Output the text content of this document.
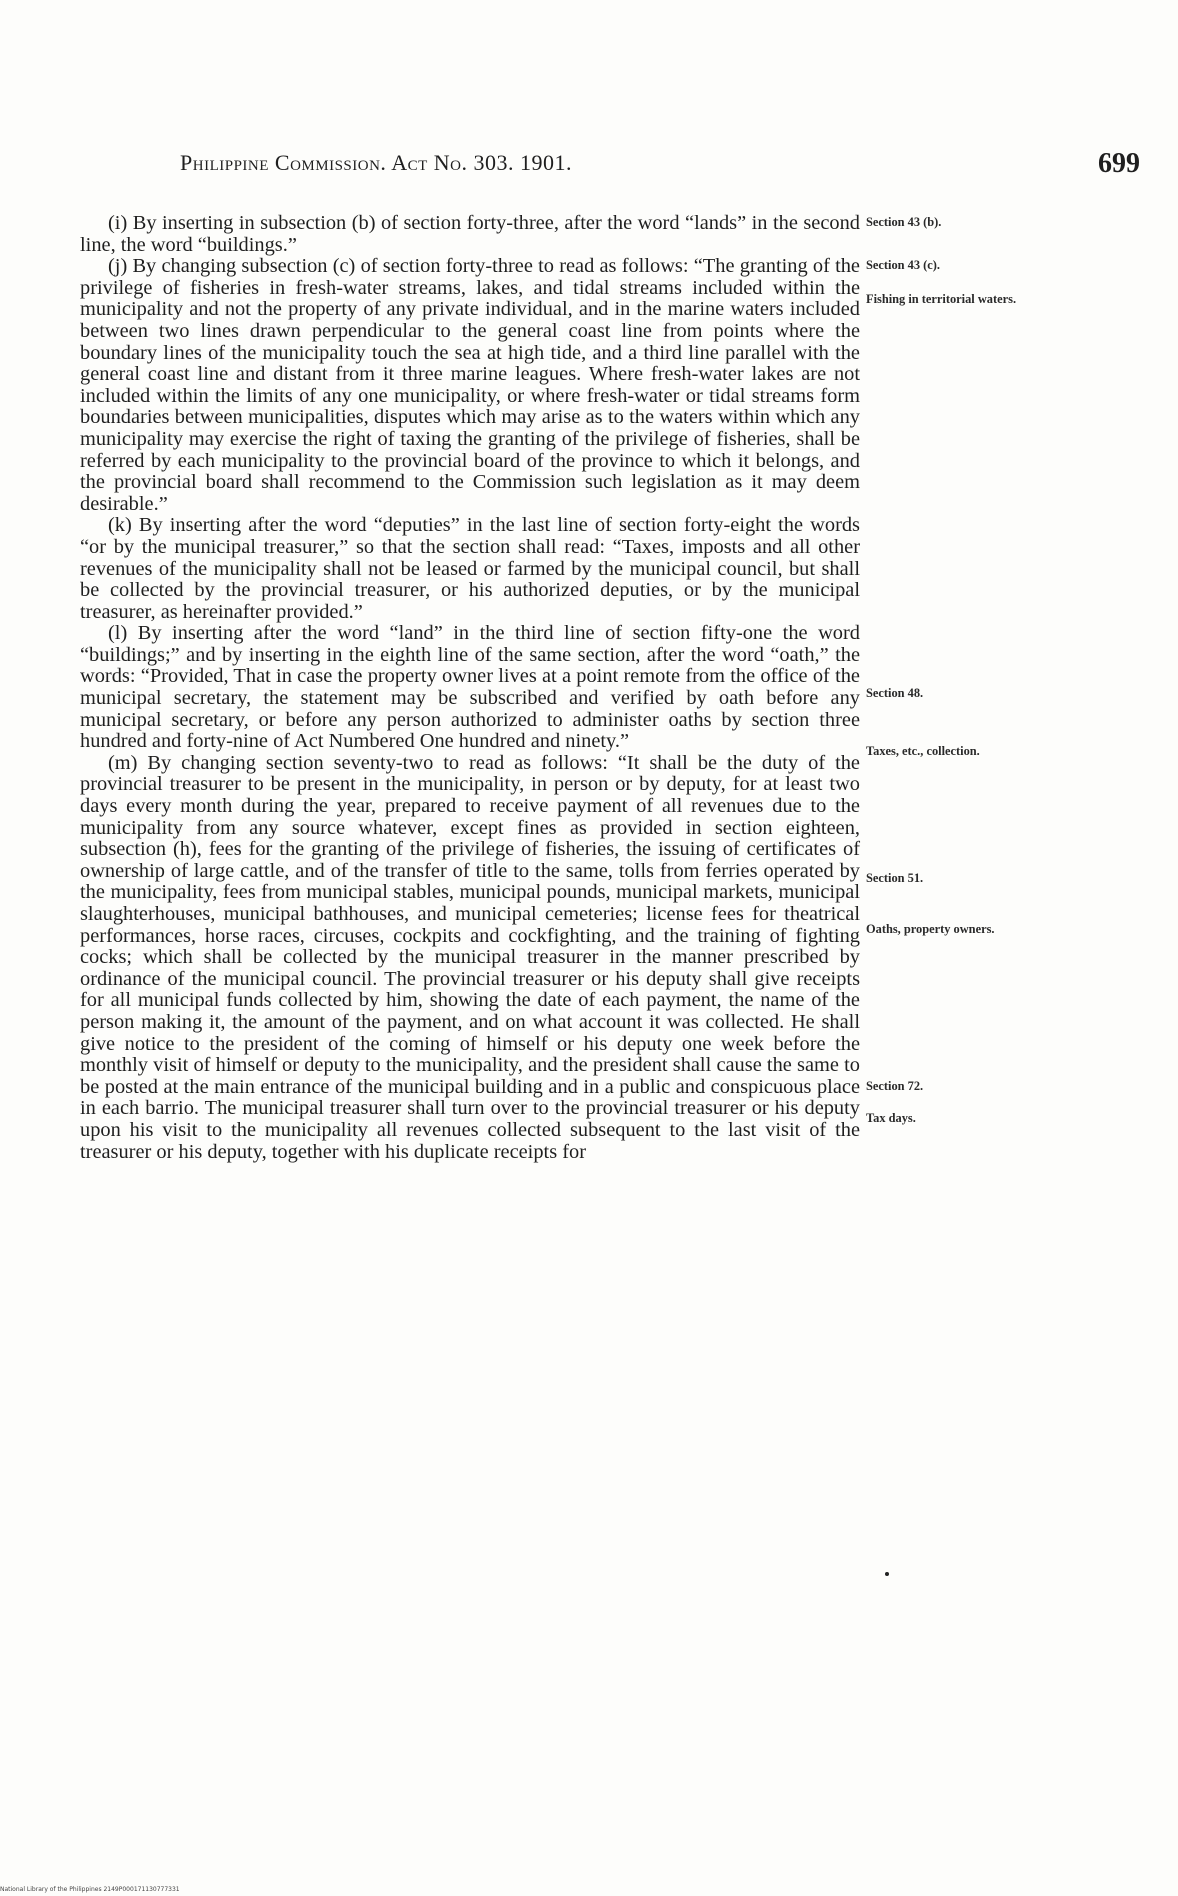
Philippine Commission. Act No. 303. 1901.	699

(i) By inserting in subsection (b) of section forty-three, after the word “lands” in the second line, the word “buildings.”

(j) By changing subsection (c) of section forty-three to read as follows: “The granting of the privilege of fisheries in fresh-water streams, lakes, and tidal streams included within the municipality and not the property of any private individual, and in the marine waters included between two lines drawn perpendicular to the general coast line from points where the boundary lines of the municipality touch the sea at high tide, and a third line parallel with the general coast line and distant from it three marine leagues. Where fresh-water lakes are not included within the limits of any one municipality, or where fresh-water or tidal streams form boundaries between municipalities, disputes which may arise as to the waters within which any municipality may exercise the right of taxing the granting of the privilege of fisheries, shall be referred by each municipality to the provincial board of the province to which it belongs, and the provincial board shall recommend to the Commission such legislation as it may deem desirable.”

(k) By inserting after the word “deputies” in the last line of section forty-eight the words “or by the municipal treasurer,” so that the section shall read: “Taxes, imposts and all other revenues of the municipality shall not be leased or farmed by the municipal council, but shall be collected by the provincial treasurer, or his authorized deputies, or by the municipal treasurer, as hereinafter provided.”

(l) By inserting after the word “land” in the third line of section fifty-one the word “buildings;” and by inserting in the eighth line of the same section, after the word “oath,” the words: “Provided, That in case the property owner lives at a point remote from the office of the municipal secretary, the statement may be subscribed and verified by oath before any municipal secretary, or before any person authorized to administer oaths by section three hundred and forty-nine of Act Numbered One hundred and ninety.”

(m) By changing section seventy-two to read as follows: “It shall be the duty of the provincial treasurer to be present in the municipality, in person or by deputy, for at least two days every month during the year, prepared to receive payment of all revenues due to the municipality from any source whatever, except fines as provided in section eighteen, subsection (h), fees for the granting of the privilege of fisheries, the issuing of certificates of ownership of large cattle, and of the transfer of title to the same, tolls from ferries operated by the municipality, fees from municipal stables, municipal pounds, municipal markets, municipal slaughterhouses, municipal bathhouses, and municipal cemeteries; license fees for theatrical performances, horse races, circuses, cockpits and cockfighting, and the training of fighting cocks; which shall be collected by the municipal treasurer in the manner prescribed by ordinance of the municipal council. The provincial treasurer or his deputy shall give receipts for all municipal funds collected by him, showing the date of each payment, the name of the person making it, the amount of the payment, and on what account it was collected. He shall give notice to the president of the coming of himself or his deputy one week before the monthly visit of himself or deputy to the municipality, and the president shall cause the same to be posted at the main entrance of the municipal building and in a public and conspicuous place in each barrio. The municipal treasurer shall turn over to the provincial treasurer or his deputy upon his visit to the municipality all revenues collected subsequent to the last visit of the treasurer or his deputy, together with his duplicate receipts for

Section 43 (b).
Section 43 (c).
Fishing in territorial waters.
Section 48.
Taxes, etc., collection.
Section 51.
Oaths, property owners.
Section 72.
Tax days.
National Library of the Philippines 2149P000171130777331
